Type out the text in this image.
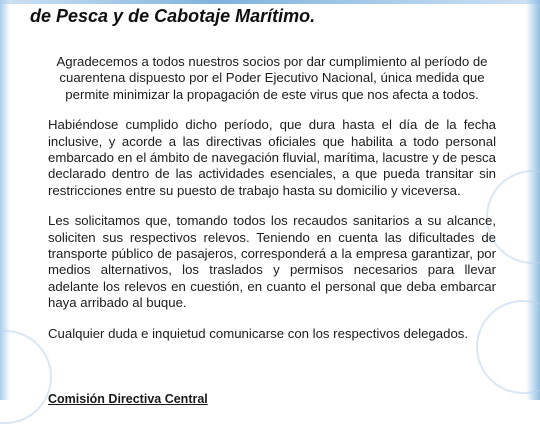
de Pesca y de Cabotaje Marítimo.

Agradecemos a todos nuestros socios por dar cumplimiento al período de cuarentena dispuesto por el Poder Ejecutivo Nacional, única medida que permite minimizar la propagación de este virus que nos afecta a todos.

Habiéndose cumplido dicho período, que dura hasta el día de la fecha inclusive, y acorde a las directivas oficiales que habilita a todo personal embarcado en el ámbito de navegación fluvial, marítima, lacustre y de pesca declarado dentro de las actividades esenciales, a que pueda transitar sin restricciones entre su puesto de trabajo hasta su domicilio y viceversa.

Les solicitamos que, tomando todos los recaudos sanitarios a su alcance, soliciten sus respectivos relevos. Teniendo en cuenta las dificultades de transporte público de pasajeros, corresponderá a la empresa garantizar, por medios alternativos, los traslados y permisos necesarios para llevar adelante los relevos en cuestión, en cuanto el personal que deba embarcar haya arribado al buque.

Cualquier duda e inquietud comunicarse con los respectivos delegados.

Comisión Directiva Central
